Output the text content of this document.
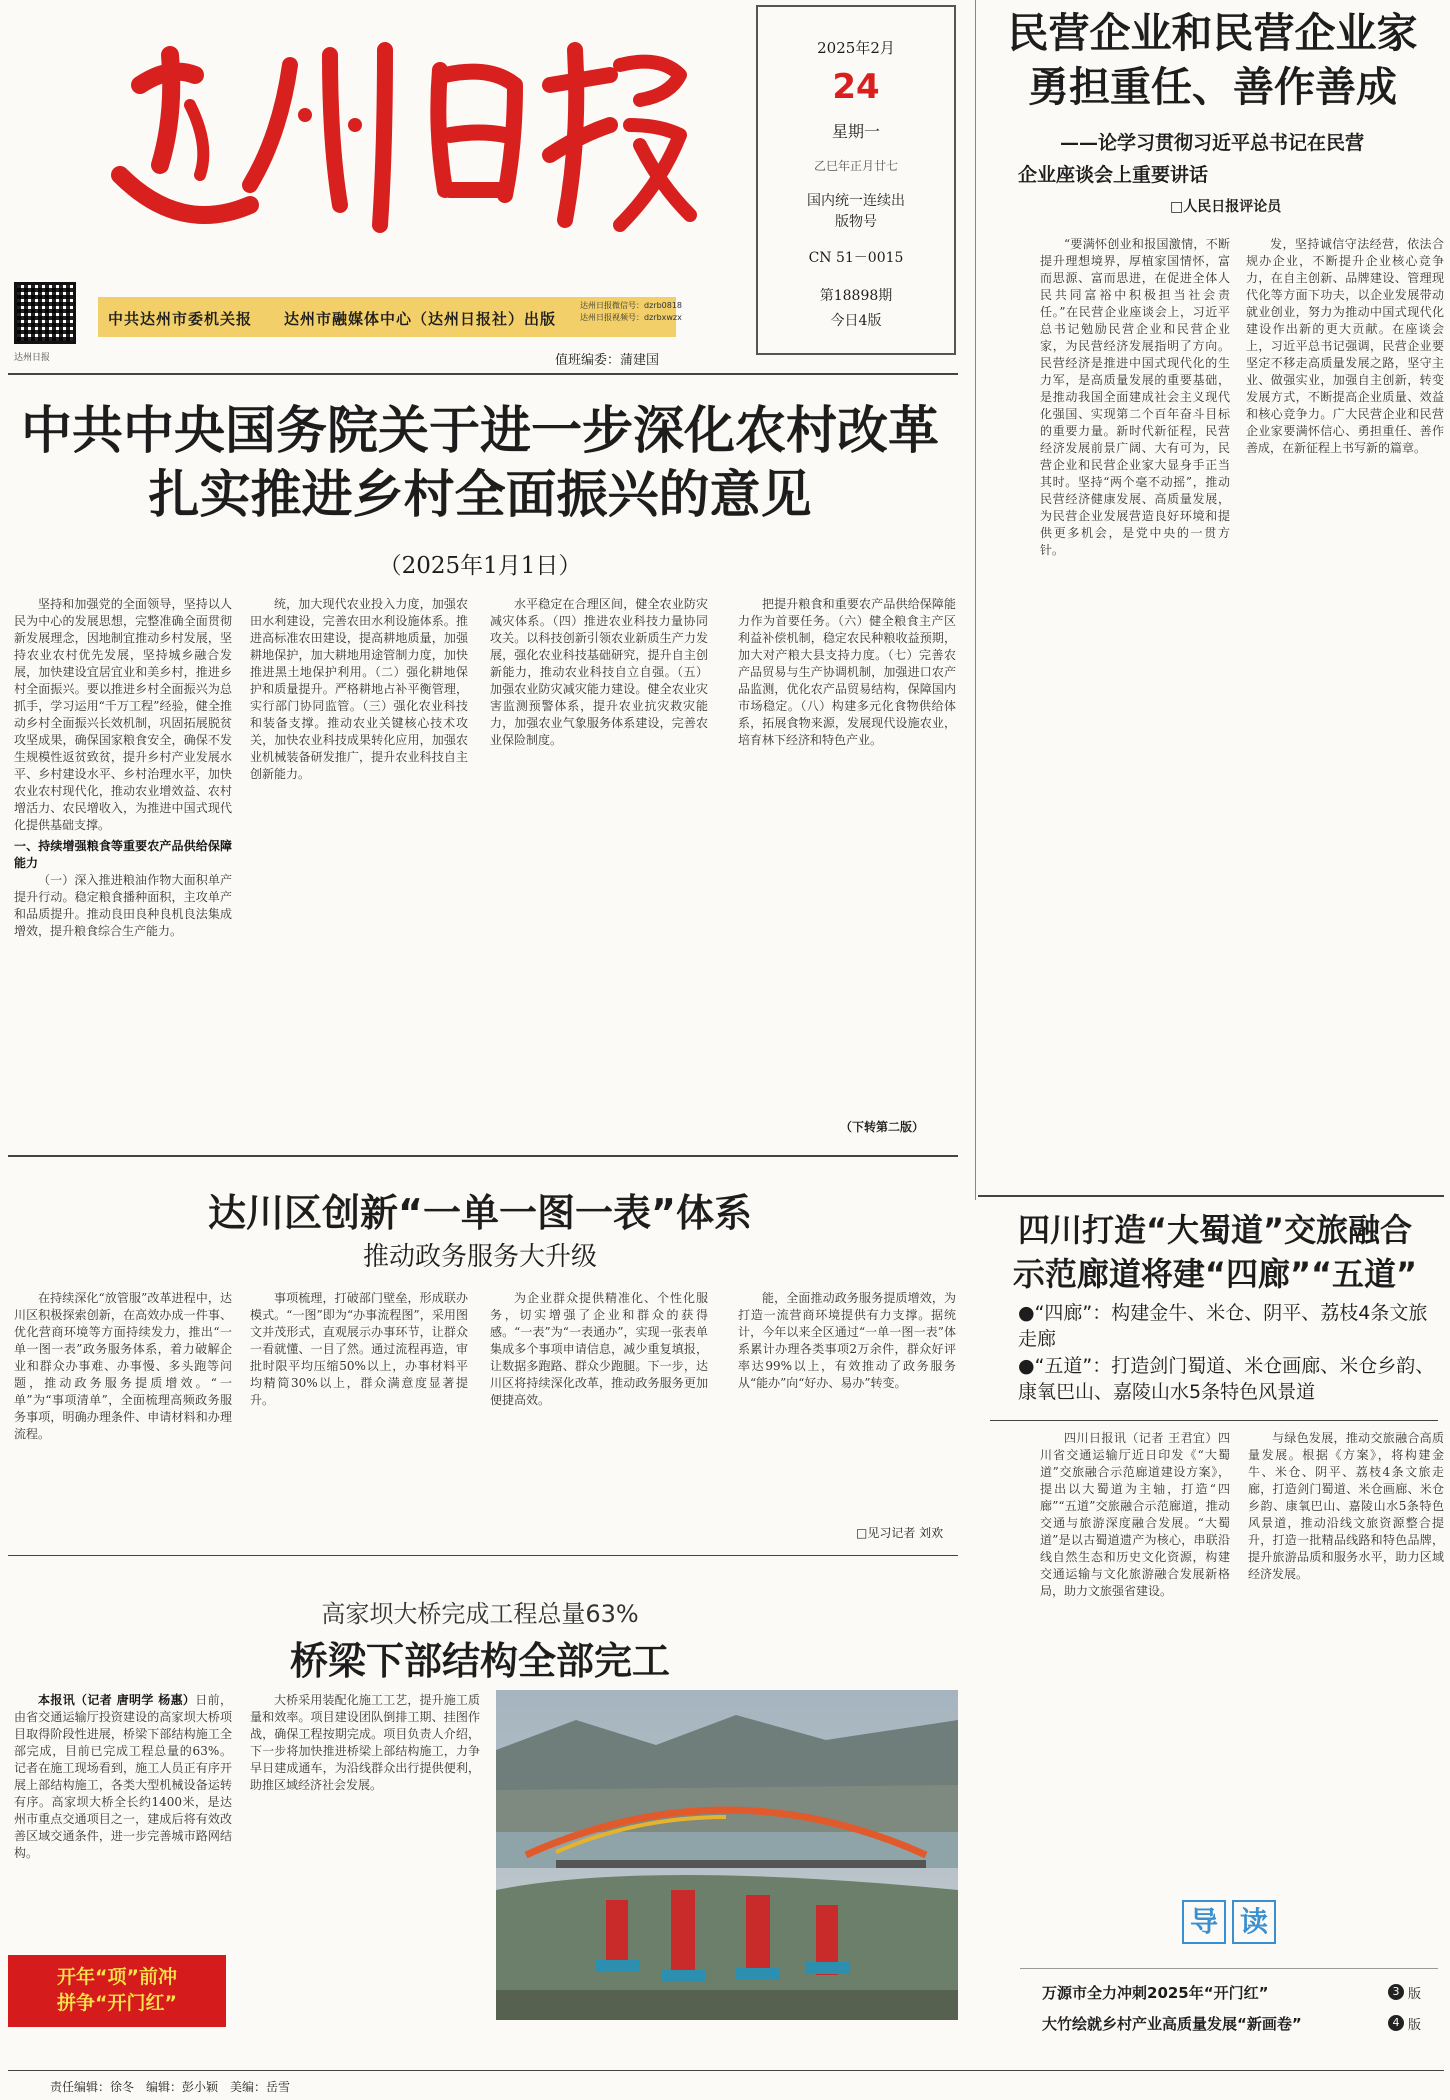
达州日报
中共达州市委机关报　　达州市融媒体中心（达州日报社）出版
达州日报微信号：dzrb0818
达州日报视频号：dzrbxwzx
值班编委：蒲建国
2025年2月
24
星期一
乙巳年正月廿七
国内统一连续出版物号
CN 51－0015
第18898期
今日4版
中共中央国务院关于进一步深化农村改革
扎实推进乡村全面振兴的意见
（2025年1月1日）

坚持和加强党的全面领导，坚持以人民为中心的发展思想，完整准确全面贯彻新发展理念，因地制宜推动乡村发展，坚持农业农村优先发展，坚持城乡融合发展，加快建设宜居宜业和美乡村，推进乡村全面振兴。要以推进乡村全面振兴为总抓手，学习运用“千万工程”经验，健全推动乡村全面振兴长效机制，巩固拓展脱贫攻坚成果，确保国家粮食安全，确保不发生规模性返贫致贫，提升乡村产业发展水平、乡村建设水平、乡村治理水平，加快农业农村现代化，推动农业增效益、农村增活力、农民增收入，为推进中国式现代化提供基础支撑。

一、持续增强粮食等重要农产品供给保障能力

（一）深入推进粮油作物大面积单产提升行动。稳定粮食播种面积，主攻单产和品质提升。推动良田良种良机良法集成增效，提升粮食综合生产能力。

统，加大现代农业投入力度，加强农田水利建设，完善农田水利设施体系。推进高标准农田建设，提高耕地质量，加强耕地保护，加大耕地用途管制力度，加快推进黑土地保护利用。（二）强化耕地保护和质量提升。严格耕地占补平衡管理，实行部门协同监管。（三）强化农业科技和装备支撑。推动农业关键核心技术攻关，加快农业科技成果转化应用，加强农业机械装备研发推广，提升农业科技自主创新能力。

水平稳定在合理区间，健全农业防灾减灾体系。（四）推进农业科技力量协同攻关。以科技创新引领农业新质生产力发展，强化农业科技基础研究，提升自主创新能力，推动农业科技自立自强。（五）加强农业防灾减灾能力建设。健全农业灾害监测预警体系，提升农业抗灾救灾能力，加强农业气象服务体系建设，完善农业保险制度。

把提升粮食和重要农产品供给保障能力作为首要任务。（六）健全粮食主产区利益补偿机制，稳定农民种粮收益预期，加大对产粮大县支持力度。（七）完善农产品贸易与生产协调机制，加强进口农产品监测，优化农产品贸易结构，保障国内市场稳定。（八）构建多元化食物供给体系，拓展食物来源，发展现代设施农业，培育林下经济和特色产业。

（下转第二版）
民营企业和民营企业家
勇担重任、善作善成
——论学习贯彻习近平总书记在民营
企业座谈会上重要讲话
□人民日报评论员

“要满怀创业和报国激情，不断提升理想境界，厚植家国情怀，富而思源、富而思进，在促进全体人民共同富裕中积极担当社会责任。”在民营企业座谈会上，习近平总书记勉励民营企业和民营企业家，为民营经济发展指明了方向。民营经济是推进中国式现代化的生力军，是高质量发展的重要基础，是推动我国全面建成社会主义现代化强国、实现第二个百年奋斗目标的重要力量。新时代新征程，民营经济发展前景广阔、大有可为，民营企业和民营企业家大显身手正当其时。坚持“两个毫不动摇”，推动民营经济健康发展、高质量发展，为民营企业发展营造良好环境和提供更多机会，是党中央的一贯方针。

发，坚持诚信守法经营，依法合规办企业，不断提升企业核心竞争力，在自主创新、品牌建设、管理现代化等方面下功夫，以企业发展带动就业创业，努力为推动中国式现代化建设作出新的更大贡献。在座谈会上，习近平总书记强调，民营企业要坚定不移走高质量发展之路，坚守主业、做强实业，加强自主创新，转变发展方式，不断提高企业质量、效益和核心竞争力。广大民营企业和民营企业家要满怀信心、勇担重任、善作善成，在新征程上书写新的篇章。

达川区创新“一单一图一表”体系
推动政务服务大升级

在持续深化“放管服”改革进程中，达川区积极探索创新，在高效办成一件事、优化营商环境等方面持续发力，推出“一单一图一表”政务服务体系，着力破解企业和群众办事难、办事慢、多头跑等问题，推动政务服务提质增效。“一单”为“事项清单”，全面梳理高频政务服务事项，明确办理条件、申请材料和办理流程。

事项梳理，打破部门壁垒，形成联办模式。“一图”即为“办事流程图”，采用图文并茂形式，直观展示办事环节，让群众一看就懂、一目了然。通过流程再造，审批时限平均压缩50%以上，办事材料平均精简30%以上，群众满意度显著提升。

为企业群众提供精准化、个性化服务，切实增强了企业和群众的获得感。“一表”为“一表通办”，实现一张表单集成多个事项申请信息，减少重复填报，让数据多跑路、群众少跑腿。下一步，达川区将持续深化改革，推动政务服务更加便捷高效。

能，全面推动政务服务提质增效，为打造一流营商环境提供有力支撑。据统计，今年以来全区通过“一单一图一表”体系累计办理各类事项2万余件，群众好评率达99%以上，有效推动了政务服务从“能办”向“好办、易办”转变。

□见习记者 刘欢
四川打造“大蜀道”交旅融合
示范廊道将建“四廊”“五道”
●“四廊”：构建金牛、米仓、阴平、荔枝4条文旅走廊
●“五道”：打造剑门蜀道、米仓画廊、米仓乡韵、康氧巴山、嘉陵山水5条特色风景道

四川日报讯（记者 王君宜）四川省交通运输厅近日印发《“大蜀道”交旅融合示范廊道建设方案》，提出以大蜀道为主轴，打造“四廊”“五道”交旅融合示范廊道，推动交通与旅游深度融合发展。“大蜀道”是以古蜀道遗产为核心，串联沿线自然生态和历史文化资源，构建交通运输与文化旅游融合发展新格局，助力文旅强省建设。

与绿色发展，推动交旅融合高质量发展。根据《方案》，将构建金牛、米仓、阴平、荔枝4条文旅走廊，打造剑门蜀道、米仓画廊、米仓乡韵、康氧巴山、嘉陵山水5条特色风景道，推动沿线文旅资源整合提升，打造一批精品线路和特色品牌，提升旅游品质和服务水平，助力区域经济发展。

高家坝大桥完成工程总量63%
桥梁下部结构全部完工

本报讯（记者 唐明学 杨惠）日前，由省交通运输厅投资建设的高家坝大桥项目取得阶段性进展，桥梁下部结构施工全部完成，目前已完成工程总量的63%。记者在施工现场看到，施工人员正有序开展上部结构施工，各类大型机械设备运转有序。高家坝大桥全长约1400米，是达州市重点交通项目之一，建成后将有效改善区域交通条件，进一步完善城市路网结构。

大桥采用装配化施工工艺，提升施工质量和效率。项目建设团队倒排工期、挂图作战，确保工程按期完成。项目负责人介绍，下一步将加快推进桥梁上部结构施工，力争早日建成通车，为沿线群众出行提供便利，助推区域经济社会发展。

开年“项”前冲
拼争“开门红”
导 读
万源市全力冲刺2025年“开门红”	3 版
大竹绘就乡村产业高质量发展“新画卷”	4 版
责任编辑：徐冬　编辑：彭小颖　美编：岳雪
